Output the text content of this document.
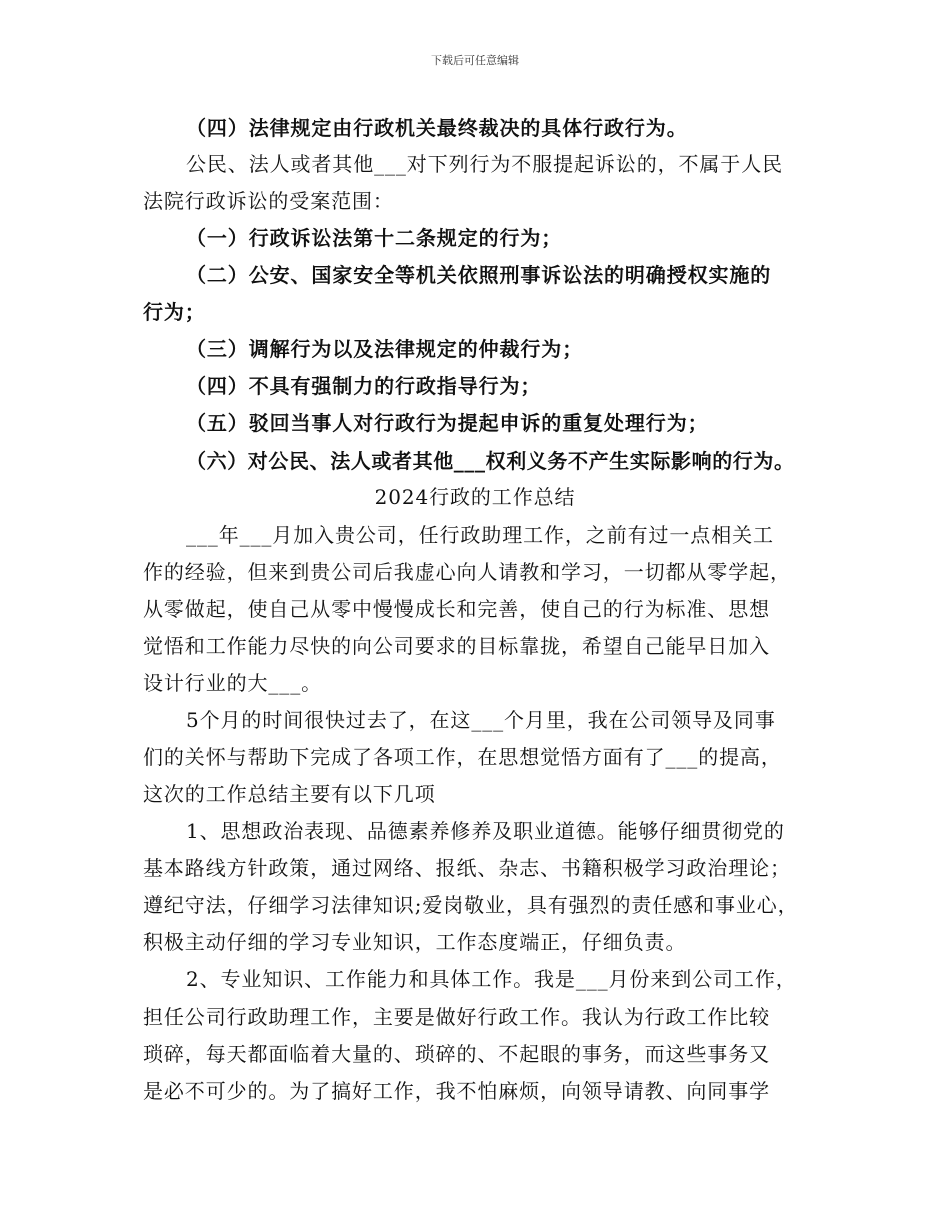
下载后可任意编辑
（四）法律规定由行政机关最终裁决的具体行政行为。
公民、法人或者其他___对下列行为不服提起诉讼的，不属于人民
法院行政诉讼的受案范围：
（一）行政诉讼法第十二条规定的行为；
（二）公安、国家安全等机关依照刑事诉讼法的明确授权实施的
行为；
（三）调解行为以及法律规定的仲裁行为；
（四）不具有强制力的行政指导行为；
（五）驳回当事人对行政行为提起申诉的重复处理行为；
（六）对公民、法人或者其他___权利义务不产生实际影响的行为。
2024行政的工作总结
___年___月加入贵公司，任行政助理工作，之前有过一点相关工
作的经验，但来到贵公司后我虚心向人请教和学习，一切都从零学起，
从零做起，使自己从零中慢慢成长和完善，使自己的行为标准、思想
觉悟和工作能力尽快的向公司要求的目标靠拢，希望自己能早日加入
设计行业的大___。
5个月的时间很快过去了，在这___个月里，我在公司领导及同事
们的关怀与帮助下完成了各项工作，在思想觉悟方面有了___的提高，
这次的工作总结主要有以下几项
1、思想政治表现、品德素养修养及职业道德。能够仔细贯彻党的
基本路线方针政策，通过网络、报纸、杂志、书籍积极学习政治理论；
遵纪守法，仔细学习法律知识;爱岗敬业，具有强烈的责任感和事业心，
积极主动仔细的学习专业知识，工作态度端正，仔细负责。
2、专业知识、工作能力和具体工作。我是___月份来到公司工作，
担任公司行政助理工作，主要是做好行政工作。我认为行政工作比较
琐碎，每天都面临着大量的、琐碎的、不起眼的事务，而这些事务又
是必不可少的。为了搞好工作，我不怕麻烦，向领导请教、向同事学
